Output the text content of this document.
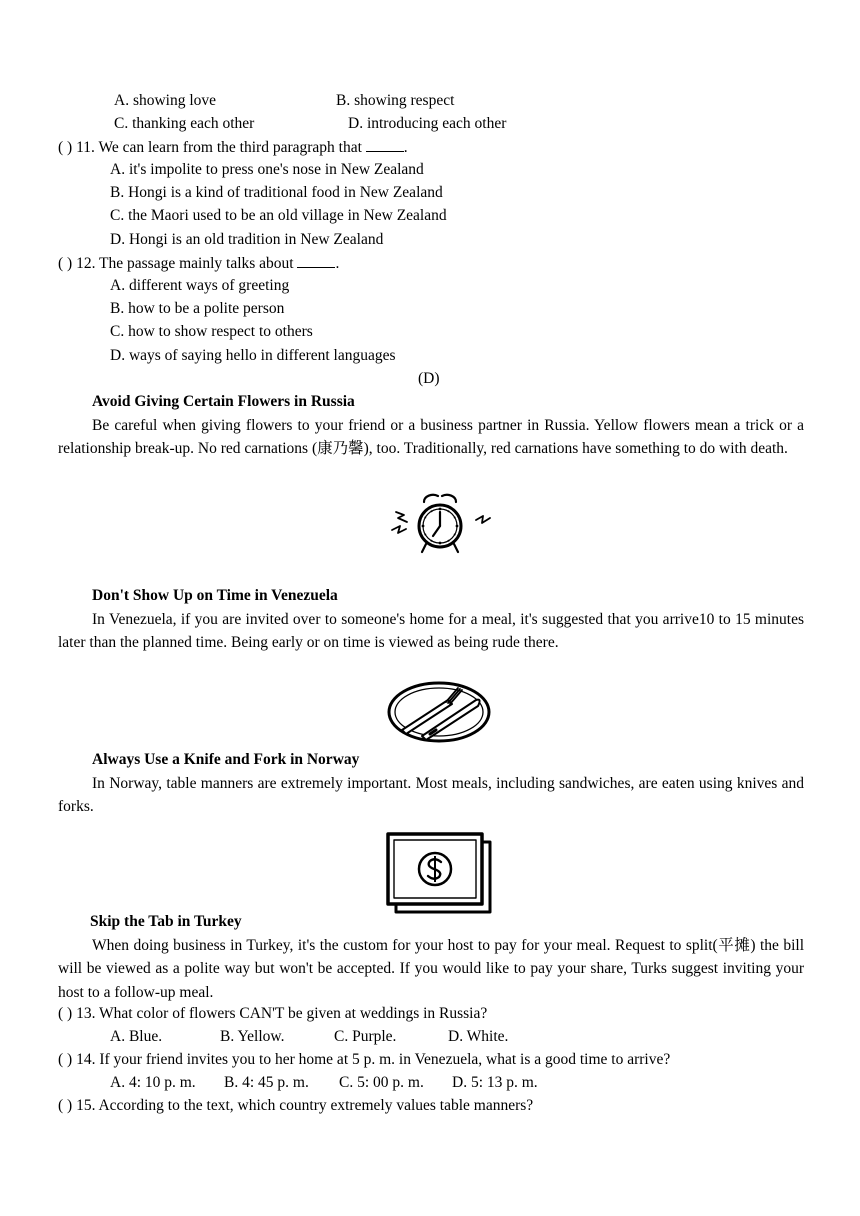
A. showing love	B. showing respect
C. thanking each other	D. introducing each other
( ) 11. We can learn from the third paragraph that	.
A. it's impolite to press one's nose in New Zealand
B. Hongi is a kind of traditional food in New Zealand
C. the Maori used to be an old village in New Zealand
D. Hongi is an old tradition in New Zealand
( ) 12. The passage mainly talks about	.
A. different ways of greeting
B. how to be a polite person
C. how to show respect to others
D. ways of saying hello in different languages
(D)
Avoid Giving Certain Flowers in Russia
Be careful when giving flowers to your friend or a business partner in Russia. Yellow flowers mean a trick or a relationship break-up. No red carnations (康乃馨), too. Traditionally, red carnations have something to do with death.
Don't Show Up on Time in Venezuela
In Venezuela, if you are invited over to someone's home for a meal, it's suggested that you arrive10 to 15 minutes later than the planned time. Being early or on time is viewed as being rude there.
Always Use a Knife and Fork in Norway
In Norway, table manners are extremely important. Most meals, including sandwiches, are eaten using knives and forks.
Skip the Tab in Turkey
When doing business in Turkey, it's the custom for your host to pay for your meal. Request to split(平摊) the bill will be viewed as a polite way but won't be accepted. If you would like to pay your share, Turks suggest inviting your host to a follow-up meal.
( ) 13. What color of flowers CAN'T be given at weddings in Russia?
A. Blue.	B. Yellow.	C. Purple.	D. White.
( ) 14. If your friend invites you to her home at 5 p. m. in Venezuela, what is a good time to arrive?
A. 4: 10 p. m. B. 4: 45 p. m. C. 5: 00 p. m. D. 5: 13 p. m.
( ) 15. According to the text, which country extremely values table manners?
